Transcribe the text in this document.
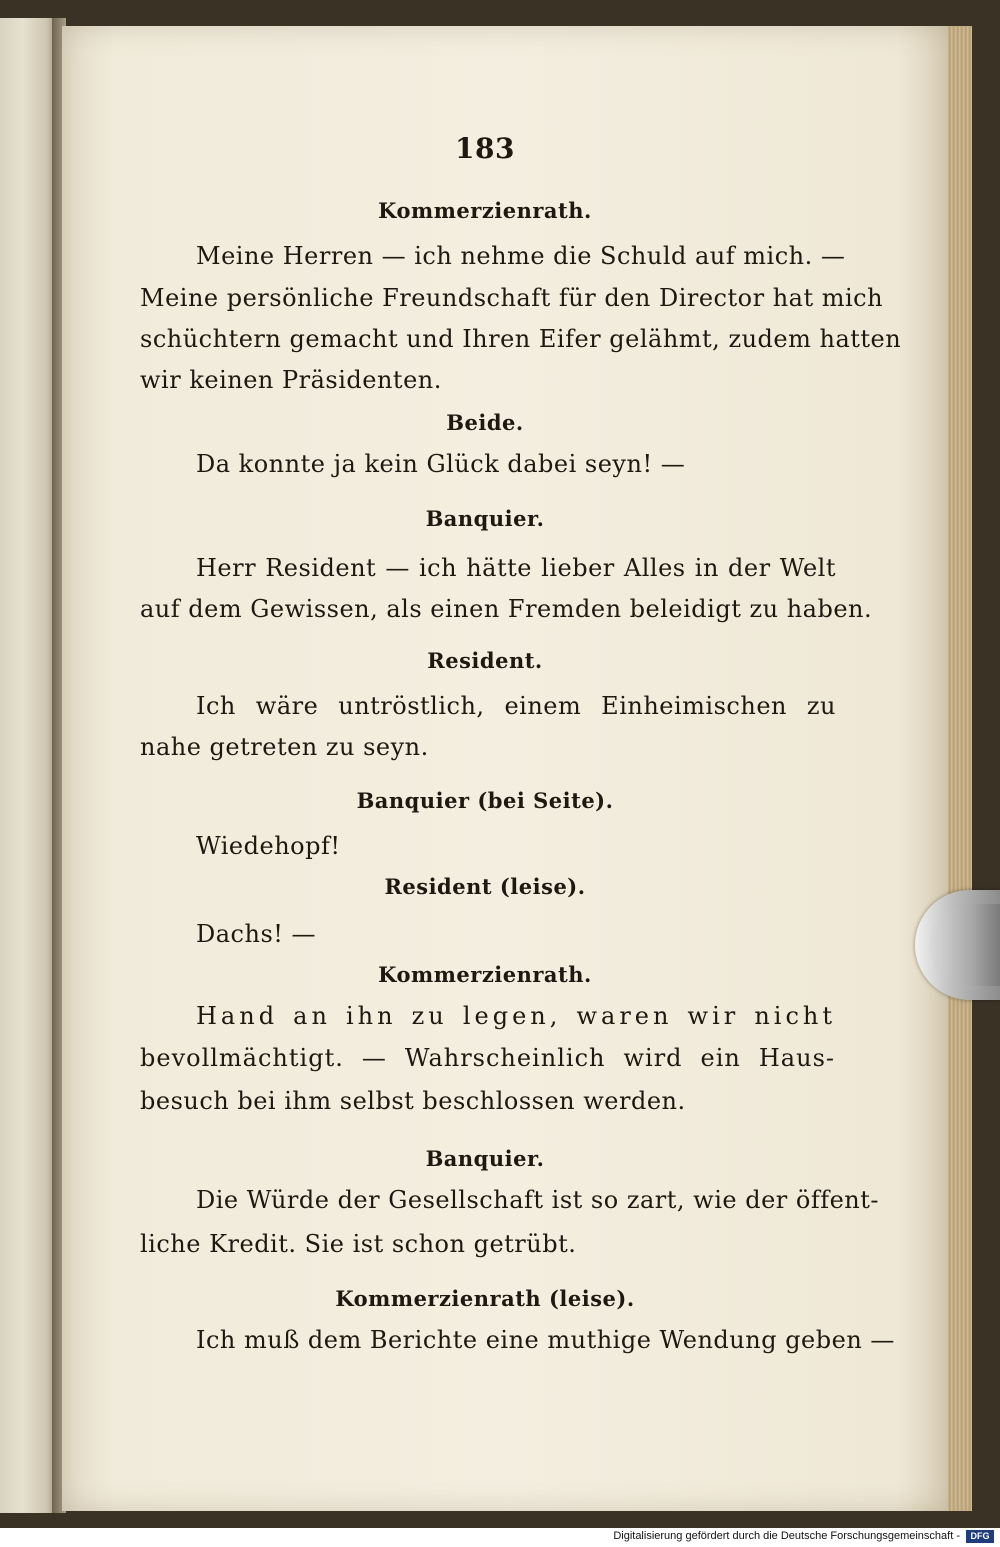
183
Kommerzienrath.
Meine Herren — ich nehme die Schuld auf mich. —
Meine persönliche Freundschaft für den Director hat mich
schüchtern gemacht und Ihren Eifer gelähmt, zudem hatten
wir keinen Präsidenten.
Beide.
Da konnte ja kein Glück dabei seyn! —
Banquier.
Herr Resident — ich hätte lieber Alles in der Welt
auf dem Gewissen, als einen Fremden beleidigt zu haben.
Resident.
Ich wäre untröstlich, einem Einheimischen zu
nahe getreten zu seyn.
Banquier (bei Seite).
Wiedehopf!
Resident (leise).
Dachs! —
Kommerzienrath.
Hand an ihn zu legen, waren wir nicht
bevollmächtigt. — Wahrscheinlich wird ein Haus-
besuch bei ihm selbst beschlossen werden.
Banquier.
Die Würde der Gesellschaft ist so zart, wie der öffent-
liche Kredit. Sie ist schon getrübt.
Kommerzienrath (leise).
Ich muß dem Berichte eine muthige Wendung geben —
Digitalisierung gefördert durch die Deutsche Forschungsgemeinschaft -	DFG
